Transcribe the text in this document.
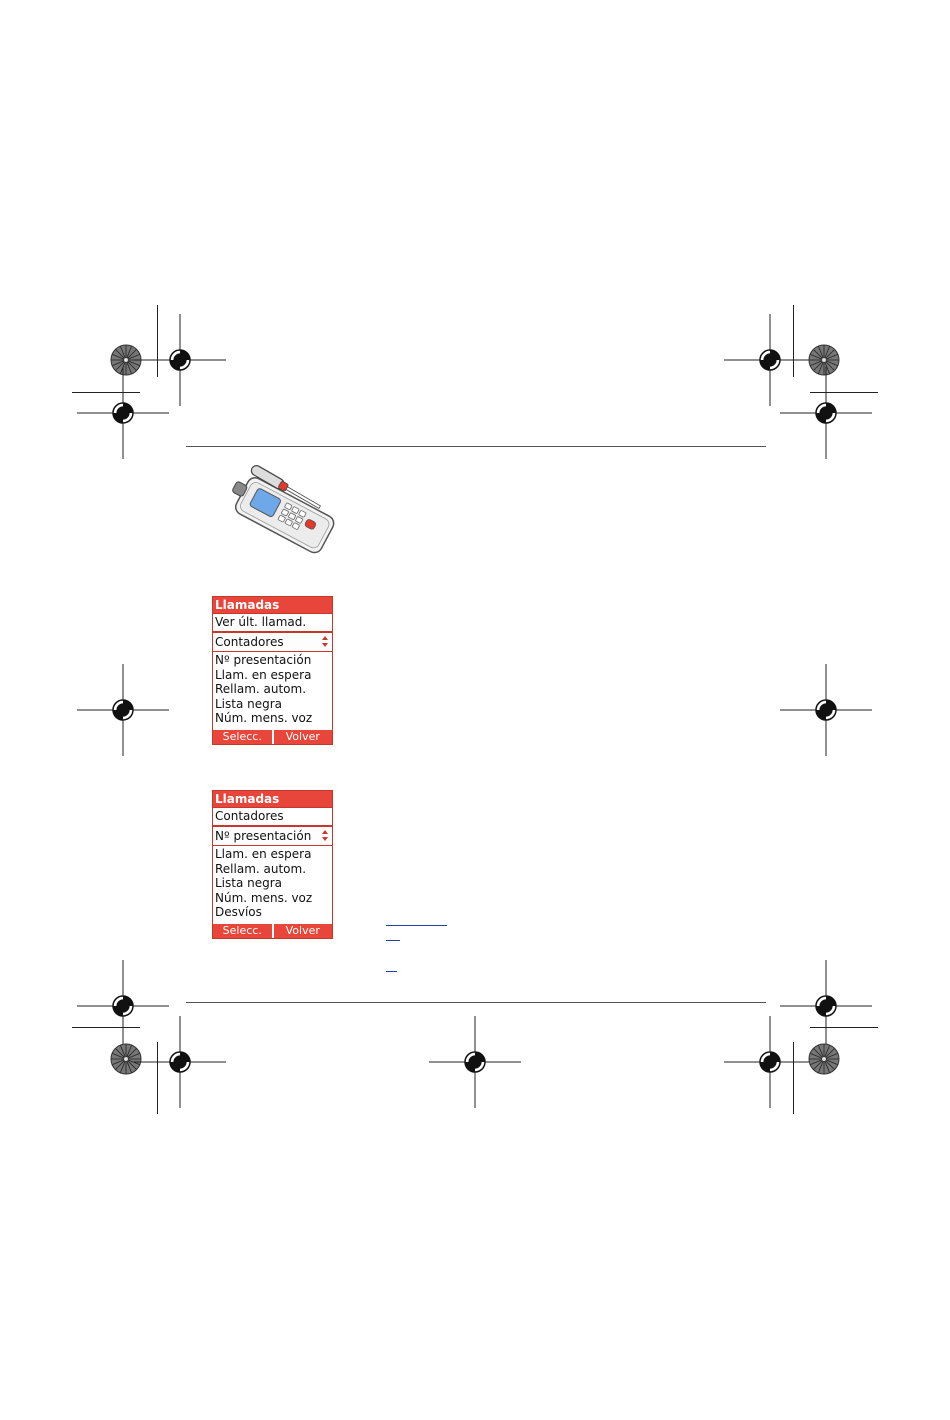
Llamadas
Ver últ. llamad.
Contadores
Nº presentación
Llam. en espera
Rellam. autom.
Lista negra
Núm. mens. voz
Selecc.	Volver
Llamadas
Contadores
Nº presentación
Llam. en espera
Rellam. autom.
Lista negra
Núm. mens. voz
Desvíos
Selecc.	Volver
